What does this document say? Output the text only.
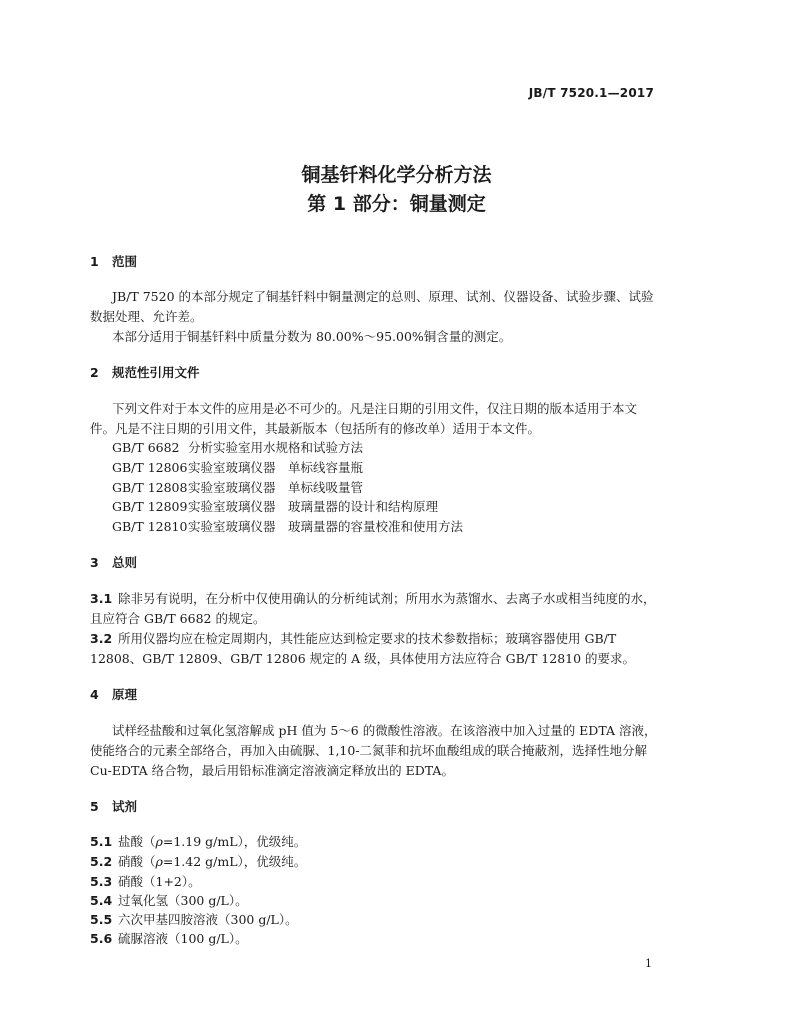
JB/T 7520.1—2017
铜基钎料化学分析方法
第 1 部分：铜量测定
1 范围
JB/T 7520 的本部分规定了铜基钎料中铜量测定的总则、原理、试剂、仪器设备、试验步骤、试验
数据处理、允许差。
本部分适用于铜基钎料中质量分数为 80.00%～95.00%铜含量的测定。
2 规范性引用文件
下列文件对于本文件的应用是必不可少的。凡是注日期的引用文件，仅注日期的版本适用于本文
件。凡是不注日期的引用文件，其最新版本（包括所有的修改单）适用于本文件。
GB/T 6682 分析实验室用水规格和试验方法
GB/T 12806实验室玻璃仪器　单标线容量瓶
GB/T 12808实验室玻璃仪器　单标线吸量管
GB/T 12809实验室玻璃仪器　玻璃量器的设计和结构原理
GB/T 12810实验室玻璃仪器　玻璃量器的容量校准和使用方法
3 总则
3.1 除非另有说明，在分析中仅使用确认的分析纯试剂；所用水为蒸馏水、去离子水或相当纯度的水，
且应符合 GB/T 6682 的规定。
3.2 所用仪器均应在检定周期内，其性能应达到检定要求的技术参数指标；玻璃容器使用 GB/T
12808、GB/T 12809、GB/T 12806 规定的 A 级，具体使用方法应符合 GB/T 12810 的要求。
4 原理
试样经盐酸和过氧化氢溶解成 pH 值为 5～6 的微酸性溶液。在该溶液中加入过量的 EDTA 溶液，
使能络合的元素全部络合，再加入由硫脲、1,10-二氮菲和抗坏血酸组成的联合掩蔽剂，选择性地分解
Cu-EDTA 络合物，最后用铅标准滴定溶液滴定释放出的 EDTA。
5 试剂
5.1 盐酸（ρ=1.19 g/mL），优级纯。
5.2 硝酸（ρ=1.42 g/mL），优级纯。
5.3 硝酸（1+2）。
5.4 过氧化氢（300 g/L）。
5.5 六次甲基四胺溶液（300 g/L）。
5.6 硫脲溶液（100 g/L）。
1
